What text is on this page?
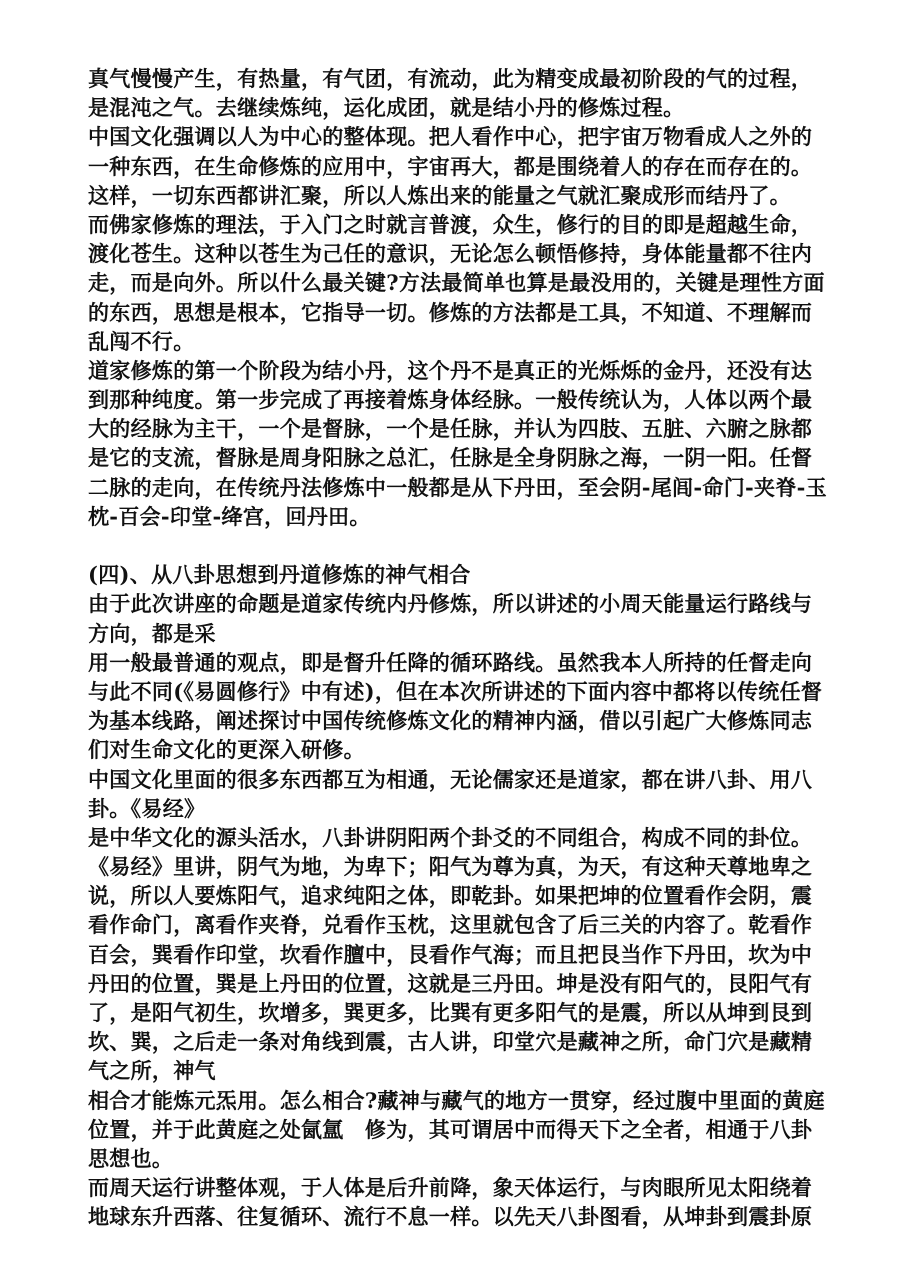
真气慢慢产生，有热量，有气团，有流动，此为精变成最初阶段的气的过程，
是混沌之气。去继续炼纯，运化成团，就是结小丹的修炼过程。
中国文化强调以人为中心的整体现。把人看作中心，把宇宙万物看成人之外的
一种东西，在生命修炼的应用中，宇宙再大，都是围绕着人的存在而存在的。
这样，一切东西都讲汇聚，所以人炼出来的能量之气就汇聚成形而结丹了。
而佛家修炼的理法，于入门之时就言普渡，众生，修行的目的即是超越生命，
渡化苍生。这种以苍生为己任的意识，无论怎么顿悟修持，身体能量都不往内
走，而是向外。所以什么最关键?方法最简单也算是最没用的，关键是理性方面
的东西，思想是根本，它指导一切。修炼的方法都是工具，不知道、不理解而
乱闯不行。
道家修炼的第一个阶段为结小丹，这个丹不是真正的光烁烁的金丹，还没有达
到那种纯度。第一步完成了再接着炼身体经脉。一般传统认为，人体以两个最
大的经脉为主干，一个是督脉，一个是任脉，并认为四肢、五脏、六腑之脉都
是它的支流，督脉是周身阳脉之总汇，任脉是全身阴脉之海，一阴一阳。任督
二脉的走向，在传统丹法修炼中一般都是从下丹田，至会阴-尾闾-命门-夹脊-玉
枕-百会-印堂-绛宫，回丹田。
(四)、从八卦思想到丹道修炼的神气相合
由于此次讲座的命题是道家传统内丹修炼，所以讲述的小周天能量运行路线与
方向，都是采
用一般最普通的观点，即是督升任降的循环路线。虽然我本人所持的任督走向
与此不同(《易圆修行》中有述)，但在本次所讲述的下面内容中都将以传统任督
为基本线路，阐述探讨中国传统修炼文化的精神内涵，借以引起广大修炼同志
们对生命文化的更深入研修。
中国文化里面的很多东西都互为相通，无论儒家还是道家，都在讲八卦、用八
卦。《易经》
是中华文化的源头活水，八卦讲阴阳两个卦爻的不同组合，构成不同的卦位。
《易经》里讲，阴气为地，为卑下；阳气为尊为真，为天，有这种天尊地卑之
说，所以人要炼阳气，追求纯阳之体，即乾卦。如果把坤的位置看作会阴，震
看作命门，离看作夹脊，兑看作玉枕，这里就包含了后三关的内容了。乾看作
百会，巽看作印堂，坎看作膻中，艮看作气海；而且把艮当作下丹田，坎为中
丹田的位置，巽是上丹田的位置，这就是三丹田。坤是没有阳气的，艮阳气有
了，是阳气初生，坎增多，巽更多，比巽有更多阳气的是震，所以从坤到艮到
坎、巽，之后走一条对角线到震，古人讲，印堂穴是藏神之所，命门穴是藏精
气之所，神气
相合才能炼元炁用。怎么相合?藏神与藏气的地方一贯穿，经过腹中里面的黄庭
位置，并于此黄庭之处氤氲　修为，其可谓居中而得天下之全者，相通于八卦
思想也。
而周天运行讲整体观，于人体是后升前降，象天体运行，与肉眼所见太阳绕着
地球东升西落、往复循环、流行不息一样。以先天八卦图看，从坤卦到震卦原
